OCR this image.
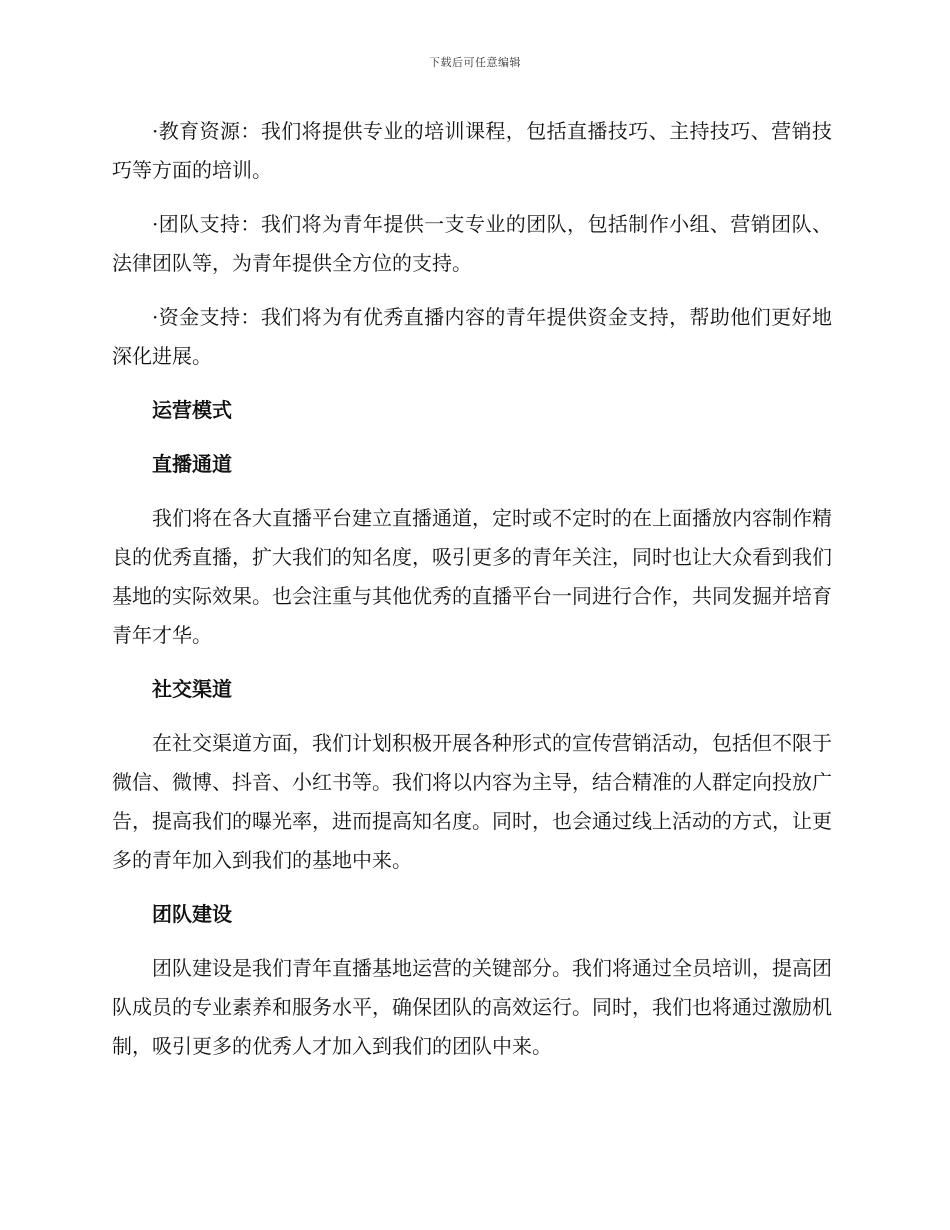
下载后可任意编辑

·教育资源：我们将提供专业的培训课程，包括直播技巧、主持技巧、营销技巧等方面的培训。

·团队支持：我们将为青年提供一支专业的团队，包括制作小组、营销团队、法律团队等，为青年提供全方位的支持。

·资金支持：我们将为有优秀直播内容的青年提供资金支持，帮助他们更好地深化进展。

运营模式

直播通道

我们将在各大直播平台建立直播通道，定时或不定时的在上面播放内容制作精良的优秀直播，扩大我们的知名度，吸引更多的青年关注，同时也让大众看到我们基地的实际效果。也会注重与其他优秀的直播平台一同进行合作，共同发掘并培育青年才华。

社交渠道

在社交渠道方面，我们计划积极开展各种形式的宣传营销活动，包括但不限于微信、微博、抖音、小红书等。我们将以内容为主导，结合精准的人群定向投放广告，提高我们的曝光率，进而提高知名度。同时，也会通过线上活动的方式，让更多的青年加入到我们的基地中来。

团队建设

团队建设是我们青年直播基地运营的关键部分。我们将通过全员培训，提高团队成员的专业素养和服务水平，确保团队的高效运行。同时，我们也将通过激励机制，吸引更多的优秀人才加入到我们的团队中来。
